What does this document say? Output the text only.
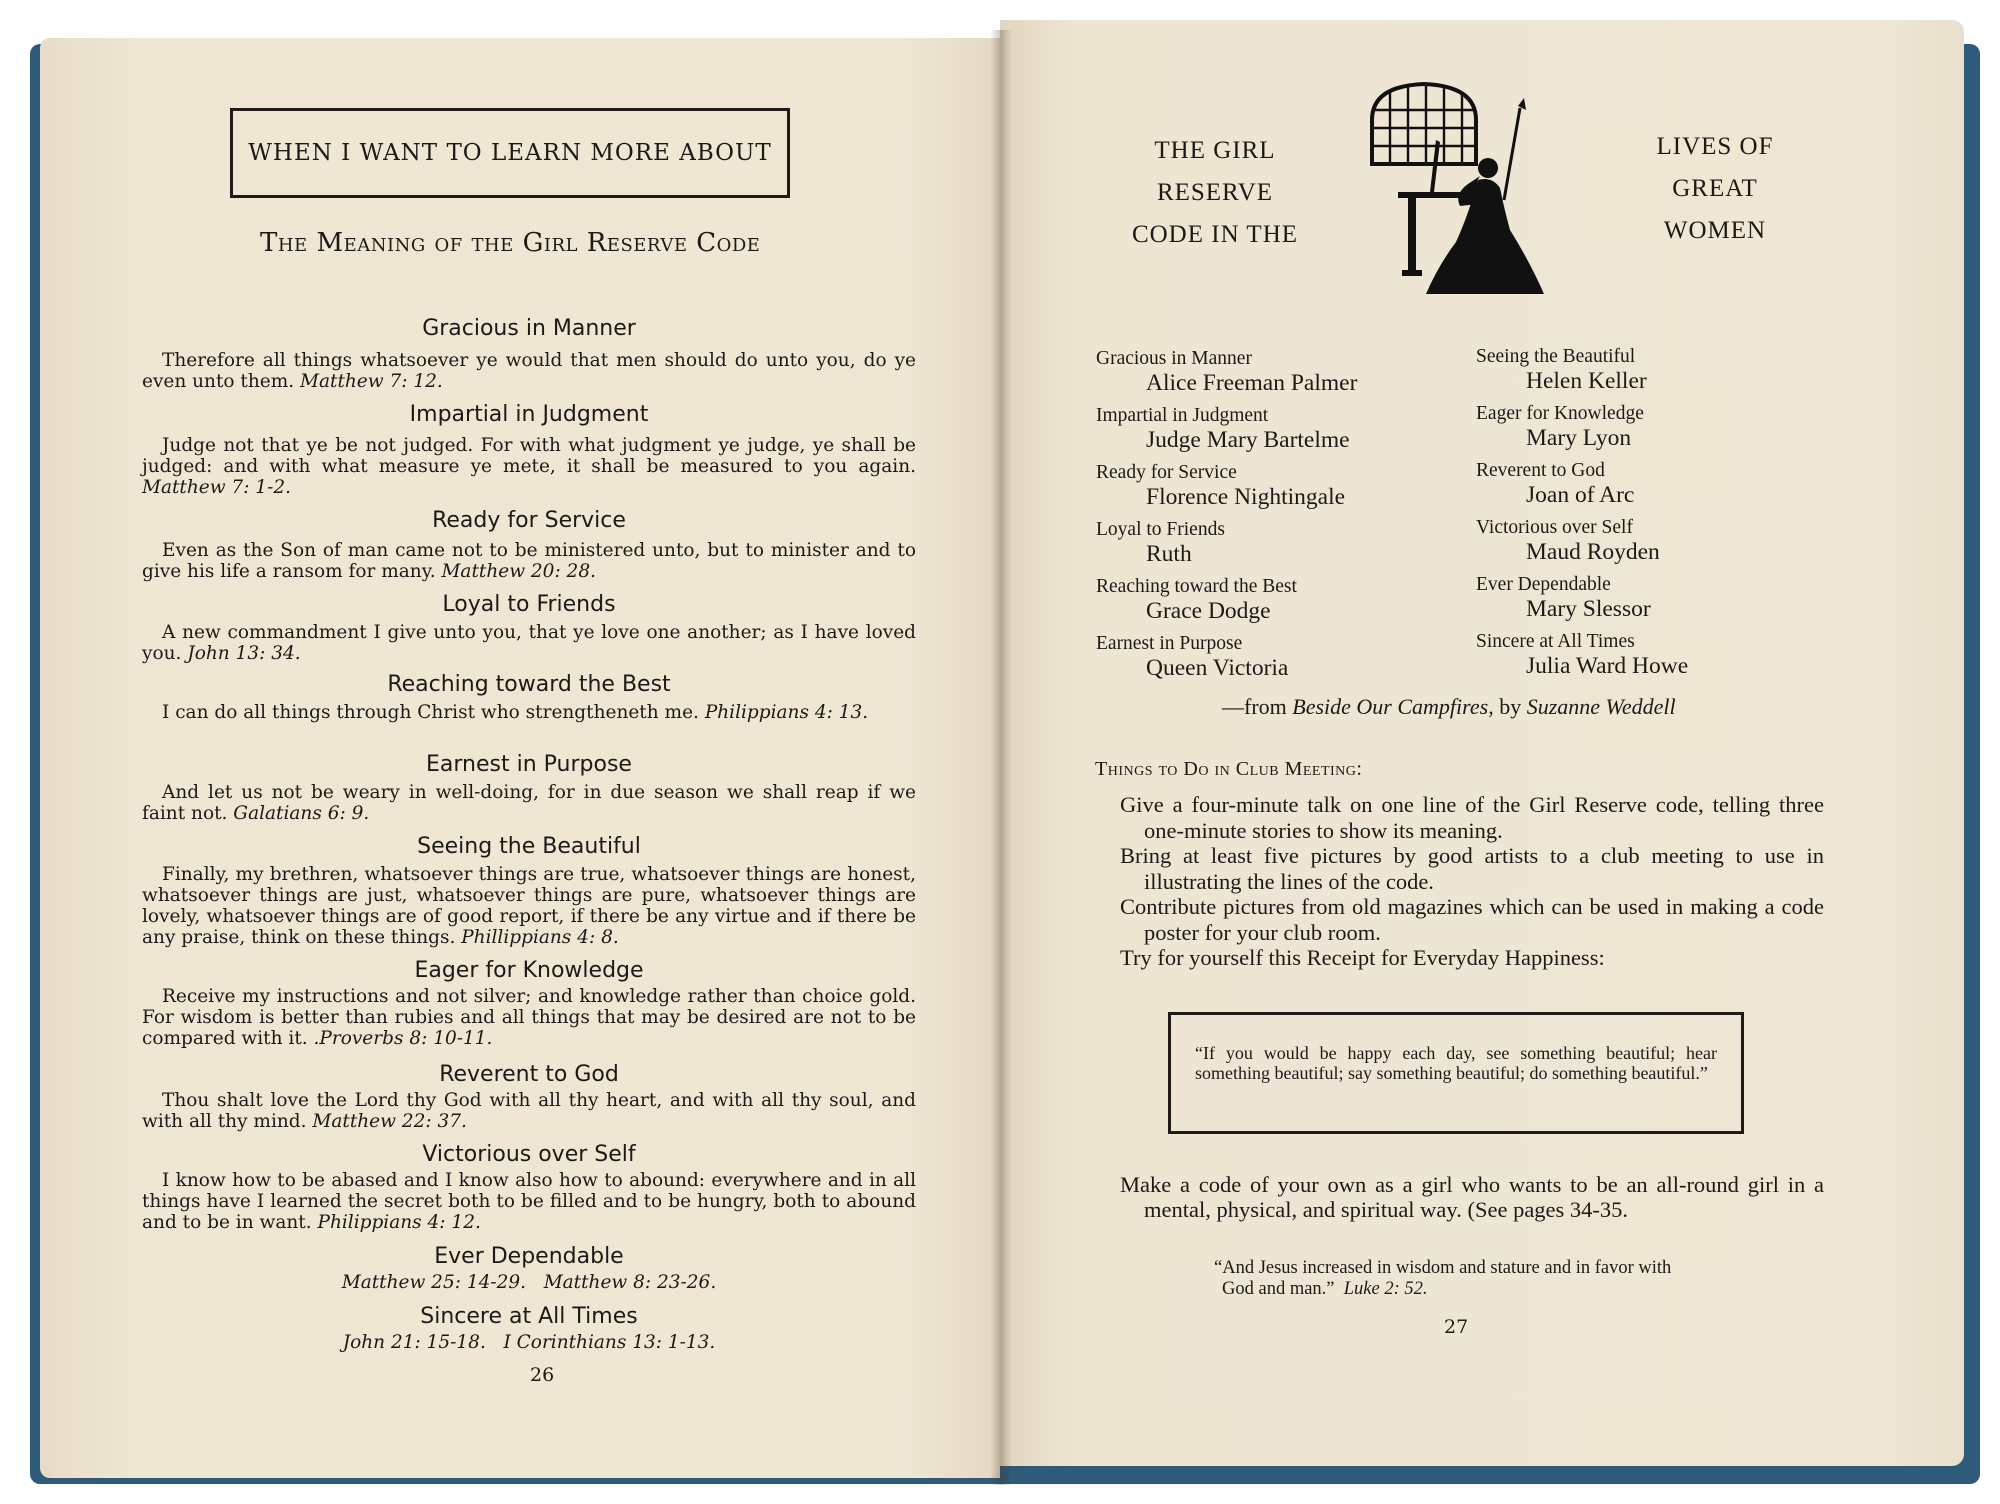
WHEN I WANT TO LEARN MORE ABOUT
The Meaning of the Girl Reserve Code
Gracious in Manner
Therefore all things whatsoever ye would that men should do unto you, do ye even unto them. Matthew 7: 12.
Impartial in Judgment
Judge not that ye be not judged. For with what judgment ye judge, ye shall be judged: and with what measure ye mete, it shall be measured to you again. Matthew 7: 1-2.
Ready for Service
Even as the Son of man came not to be ministered unto, but to minister and to give his life a ransom for many. Matthew 20: 28.
Loyal to Friends
A new commandment I give unto you, that ye love one another; as I have loved you. John 13: 34.
Reaching toward the Best
I can do all things through Christ who strengtheneth me. Philippians 4: 13.
Earnest in Purpose
And let us not be weary in well-doing, for in due season we shall reap if we faint not. Galatians 6: 9.
Seeing the Beautiful
Finally, my brethren, whatsoever things are true, whatsoever things are honest, whatsoever things are just, whatsoever things are pure, whatsoever things are lovely, whatsoever things are of good report, if there be any virtue and if there be any praise, think on these things. Phillippians 4: 8.
Eager for Knowledge
Receive my instructions and not silver; and knowledge rather than choice gold. For wisdom is better than rubies and all things that may be desired are not to be compared with it. .Proverbs 8: 10-11.
Reverent to God
Thou shalt love the Lord thy God with all thy heart, and with all thy soul, and with all thy mind. Matthew 22: 37.
Victorious over Self
I know how to be abased and I know also how to abound: everywhere and in all things have I learned the secret both to be filled and to be hungry, both to abound and to be in want. Philippians 4: 12.
Ever Dependable
Matthew 25: 14-29.   Matthew 8: 23-26.
Sincere at All Times
John 21: 15-18.   I Corinthians 13: 1-13.
26
THE GIRL
RESERVE
CODE IN THE
LIVES OF
GREAT
WOMEN
Gracious in Manner
Alice Freeman Palmer
Impartial in Judgment
Judge Mary Bartelme
Ready for Service
Florence Nightingale
Loyal to Friends
Ruth
Reaching toward the Best
Grace Dodge
Earnest in Purpose
Queen Victoria
Seeing the Beautiful
Helen Keller
Eager for Knowledge
Mary Lyon
Reverent to God
Joan of Arc
Victorious over Self
Maud Royden
Ever Dependable
Mary Slessor
Sincere at All Times
Julia Ward Howe
—from Beside Our Campfires, by Suzanne Weddell
Things to Do in Club Meeting:
Give a four-minute talk on one line of the Girl Reserve code, telling three one-minute stories to show its meaning.
Bring at least five pictures by good artists to a club meeting to use in illustrating the lines of the code.
Contribute pictures from old magazines which can be used in making a code poster for your club room.
Try for yourself this Receipt for Everyday Happiness:
“If you would be happy each day, see something beautiful; hear something beautiful; say something beautiful; do something beautiful.”
Make a code of your own as a girl who wants to be an all-round girl in a mental, physical, and spiritual way. (See pages 34-35.
“And Jesus increased in wisdom and stature and in favor with God and man.” Luke 2: 52.
27
